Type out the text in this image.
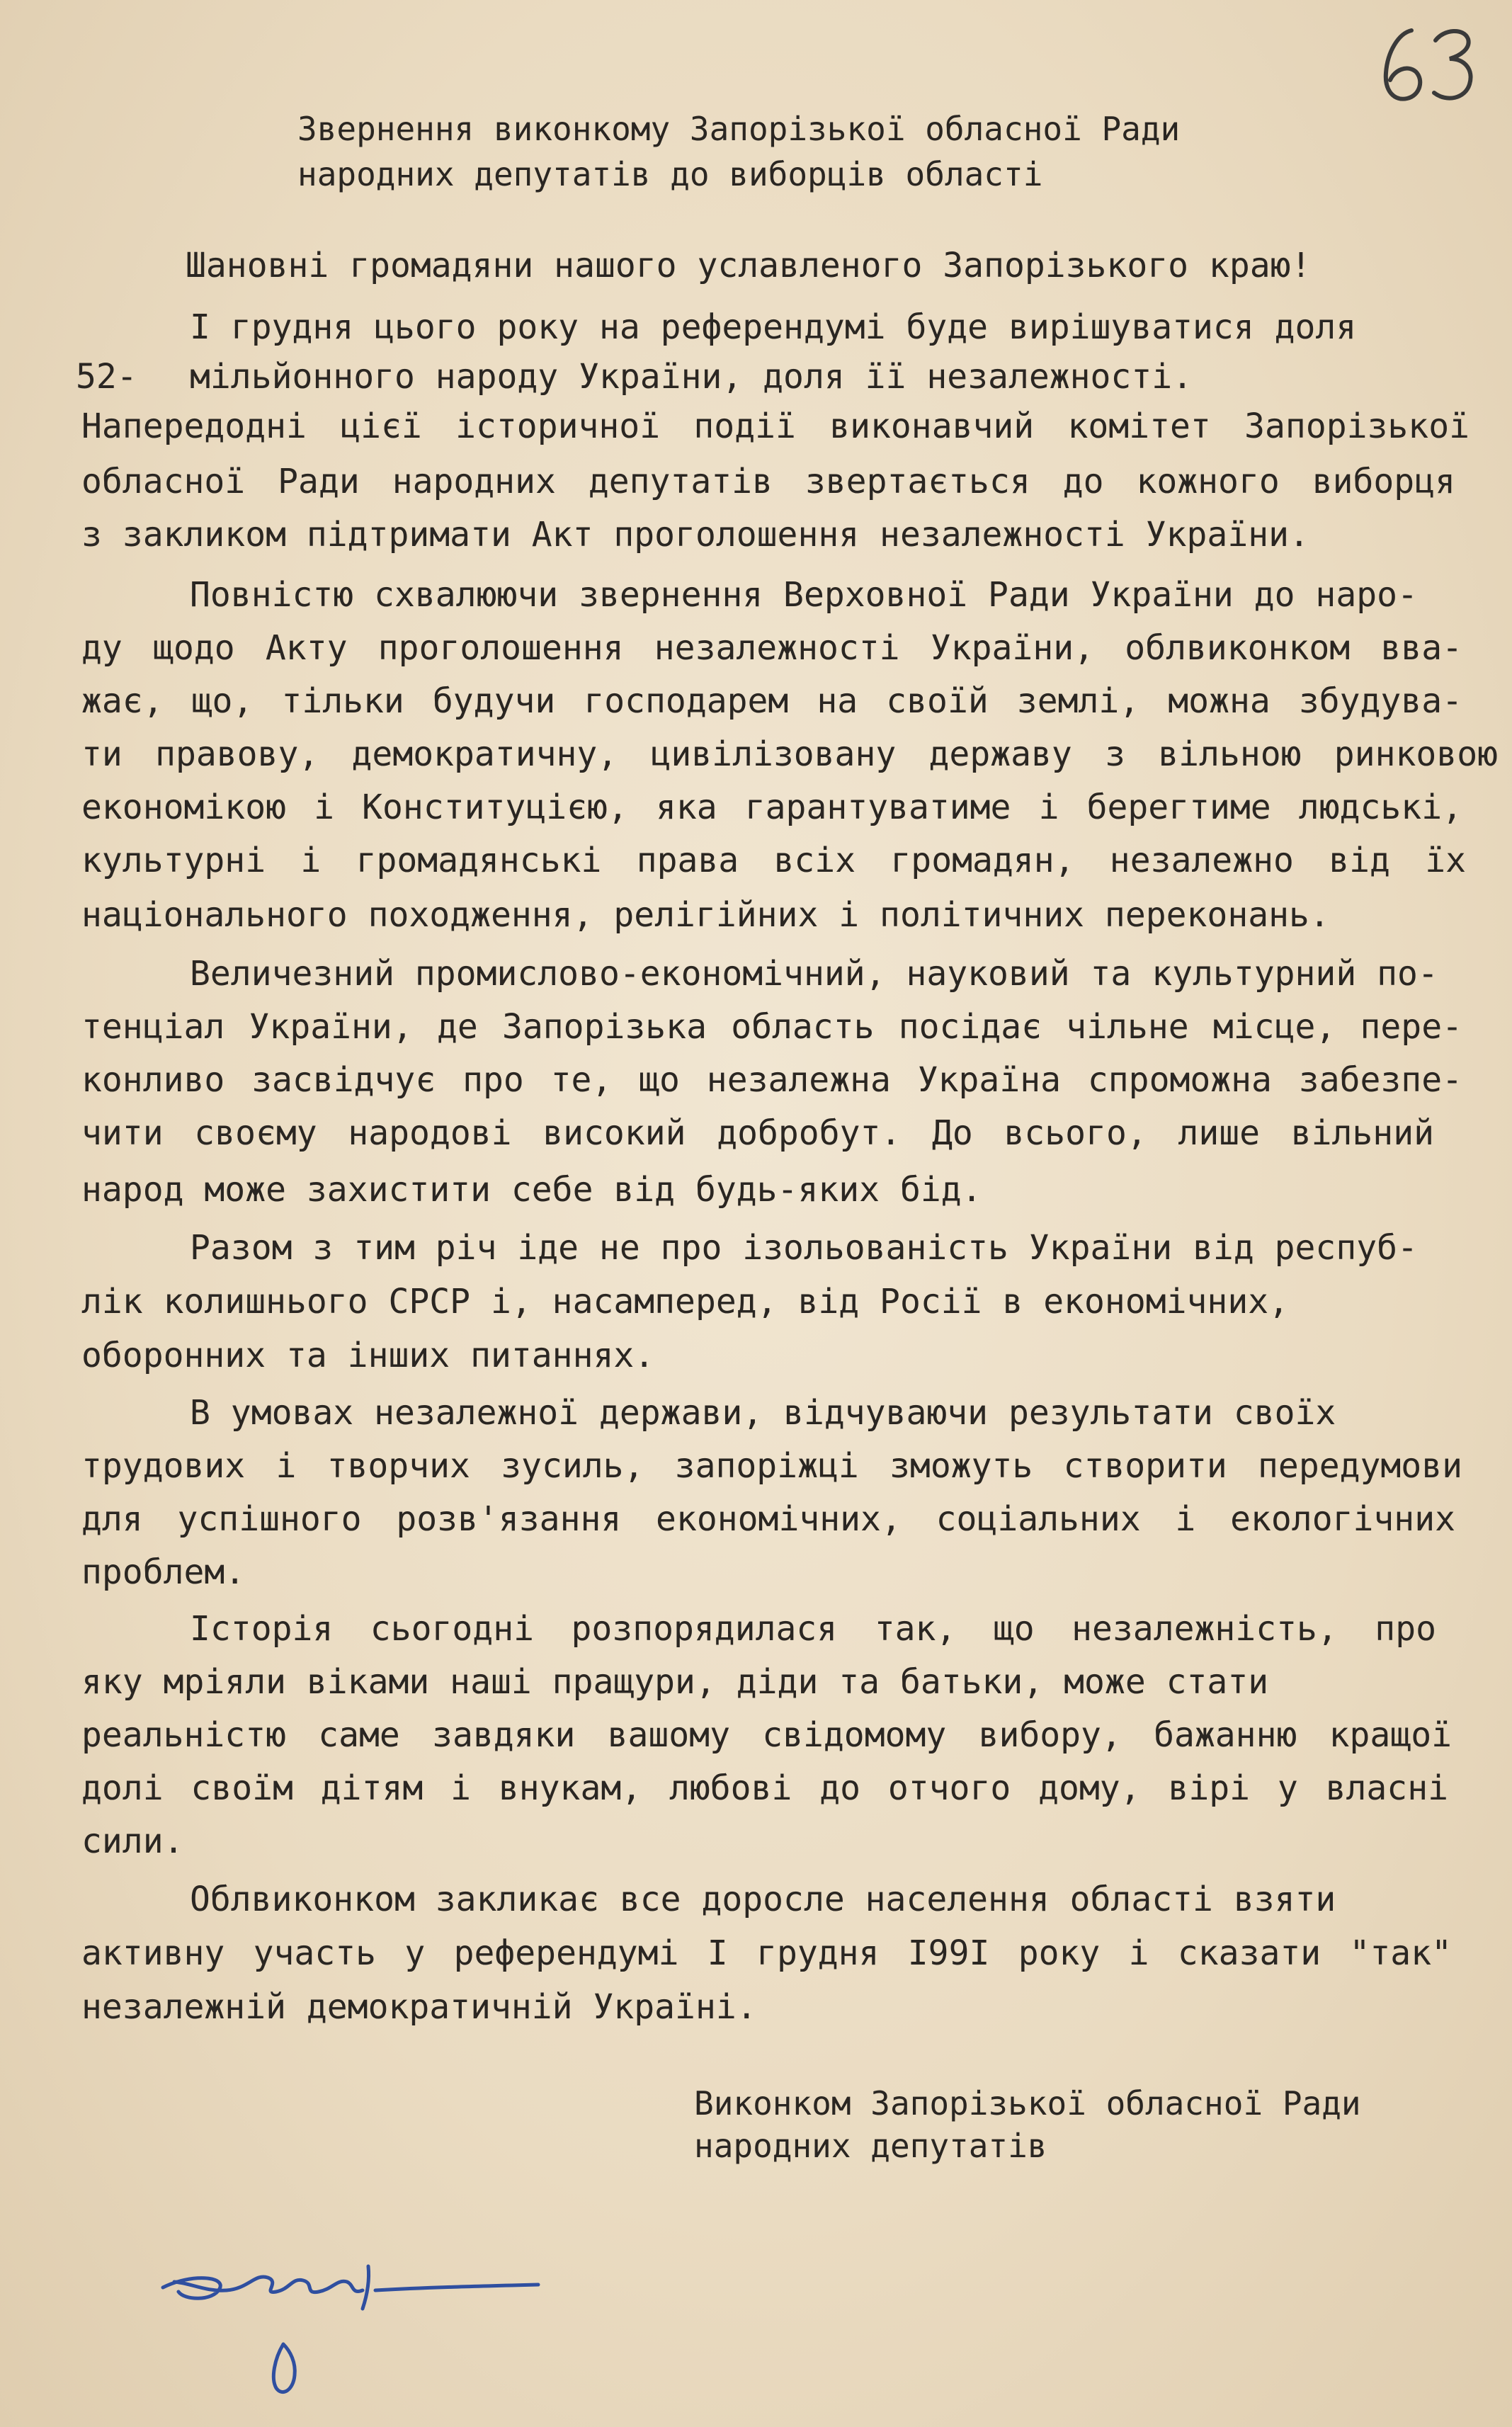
Звернення виконкому Запорізької обласної Ради
народних депутатів до виборців області
Шановні громадяни нашого уславленого Запорізького краю!
І грудня цього року на референдумі буде вирішуватися доля
52- мільйонного народу України, доля її незалежності.
Напередодні цієї історичної події виконавчий комітет Запорізької
обласної Ради народних депутатів звертається до кожного виборця
з закликом підтримати Акт проголошення незалежності України.
Повністю схвалюючи звернення Верховної Ради України до наро-
ду щодо Акту проголошення незалежності України, облвиконком вва-
жає, що, тільки будучи господарем на своїй землі, можна збудува-
ти правову, демократичну, цивілізовану державу з вільною ринковою
економікою і Конституцією, яка гарантуватиме і берегтиме людські,
культурні і громадянські права всіх громадян, незалежно від їх
національного походження, релігійних і політичних переконань.
Величезний промислово-економічний, науковий та культурний по-
тенціал України, де Запорізька область посідає чільне місце, пере-
конливо засвідчує про те, що незалежна Україна спроможна забезпе-
чити своєму народові високий добробут. До всього, лише вільний
народ може захистити себе від будь-яких бід.
Разом з тим річ іде не про ізольованість України від респуб-
лік колишнього СРСР і, насамперед, від Росії в економічних,
оборонних та інших питаннях.
В умовах незалежної держави, відчуваючи результати своїх
трудових і творчих зусиль, запоріжці зможуть створити передумови
для успішного розв'язання економічних, соціальних і екологічних
проблем.
Історія сьогодні розпорядилася так, що незалежність, про
яку мріяли віками наші пращури, діди та батьки, може стати
реальністю саме завдяки вашому свідомому вибору, бажанню кращої
долі своїм дітям і внукам, любові до отчого дому, вірі у власні
сили.
Облвиконком закликає все доросле населення області взяти
активну участь у референдумі І грудня І99І року і сказати "так"
незалежній демократичній Україні.
Виконком Запорізької обласної Ради
народних депутатів
